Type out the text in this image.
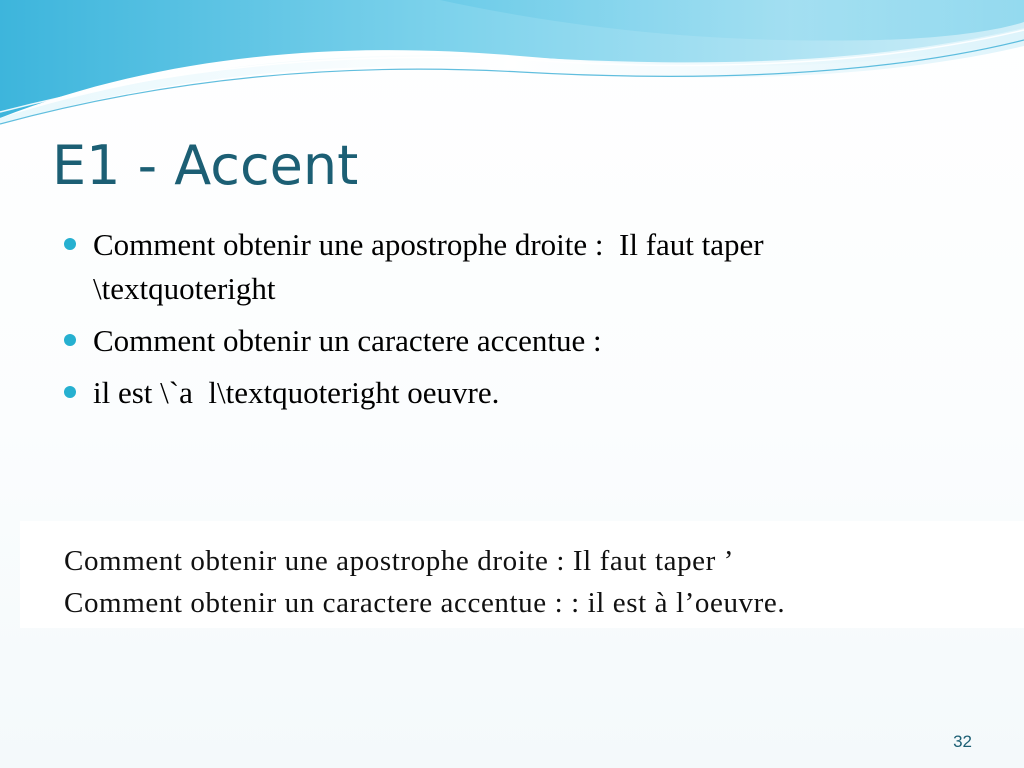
E1 - Accent
Comment obtenir une apostrophe droite :  Il faut taper
\textquoteright
Comment obtenir un caractere accentue :
il est \`a  l\textquoteright oeuvre.

Comment obtenir une apostrophe droite : Il faut taper ’

Comment obtenir un caractere accentue : : il est à l’oeuvre.

32
